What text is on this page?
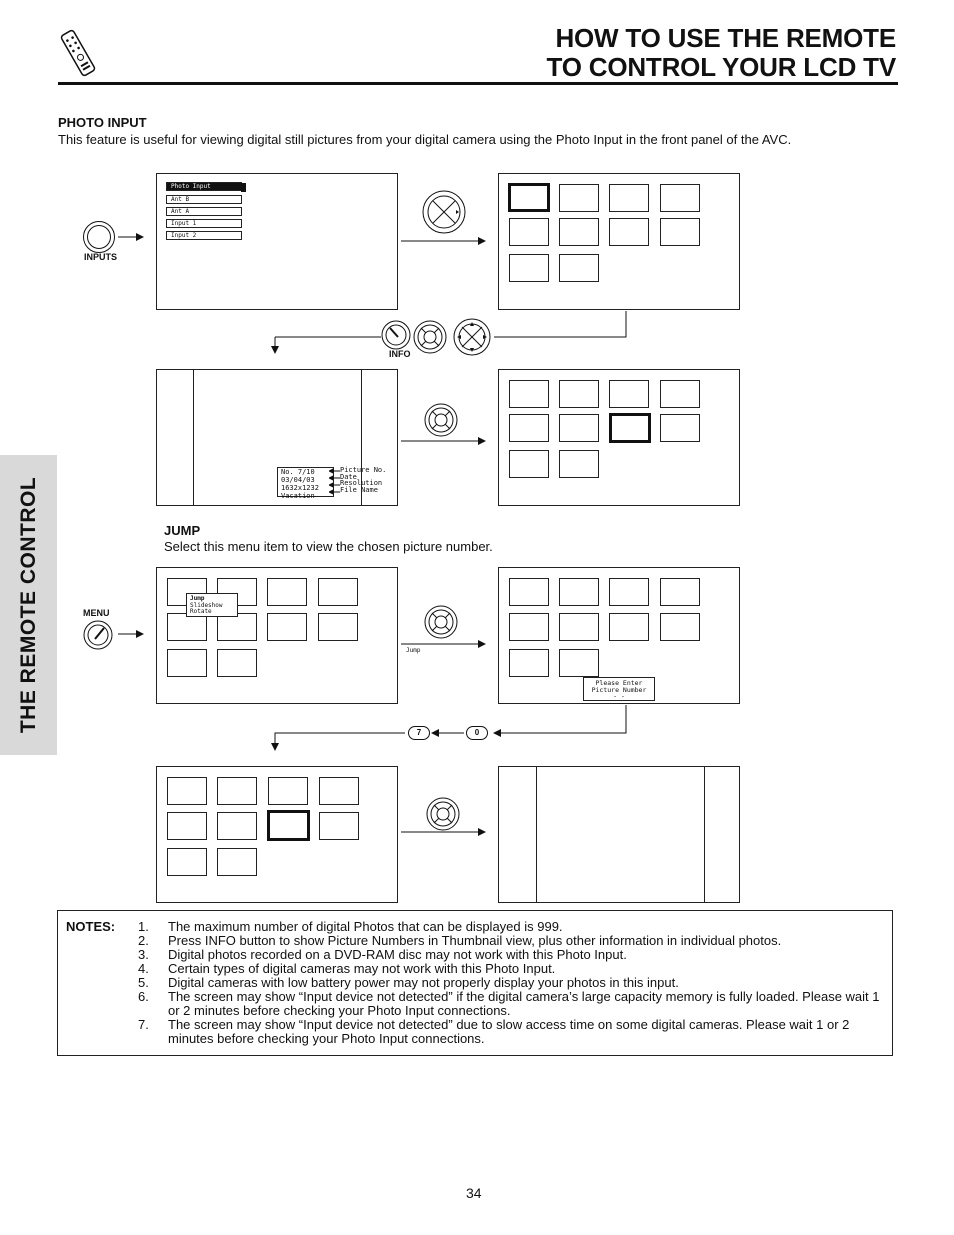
HOW TO USE THE REMOTE
TO CONTROL YOUR LCD TV
THE REMOTE CONTROL
PHOTO INPUT
This feature is useful for viewing digital still pictures from your digital camera using the Photo Input in the front panel of the AVC.
INPUTS
Photo Input
Ant B
Ant A
Input 1
Input 2
INFO
No. 7/10
03/04/03
1632x1232
Vacation
Picture No.
Date
Resolution
File Name
JUMP
Select this menu item to view the chosen picture number.
MENU
Jump
Slideshow
Rotate
Jump
Please Enter
Picture Number
- -
7	0
NOTES: 1. The maximum number of digital Photos that can be displayed is 999.
2. Press INFO button to show Picture Numbers in Thumbnail view, plus other information in individual photos.
3. Digital photos recorded on a DVD-RAM disc may not work with this Photo Input.
4. Certain types of digital cameras may not work with this Photo Input.
5. Digital cameras with low battery power may not properly display your photos in this input.
6. The screen may show “Input device not detected” if the digital camera’s large capacity memory is fully loaded. Please wait 1 or 2 minutes before checking your Photo Input connections.
7. The screen may show “Input device not detected” due to slow access time on some digital cameras. Please wait 1 or 2 minutes before checking your Photo Input connections.
34
